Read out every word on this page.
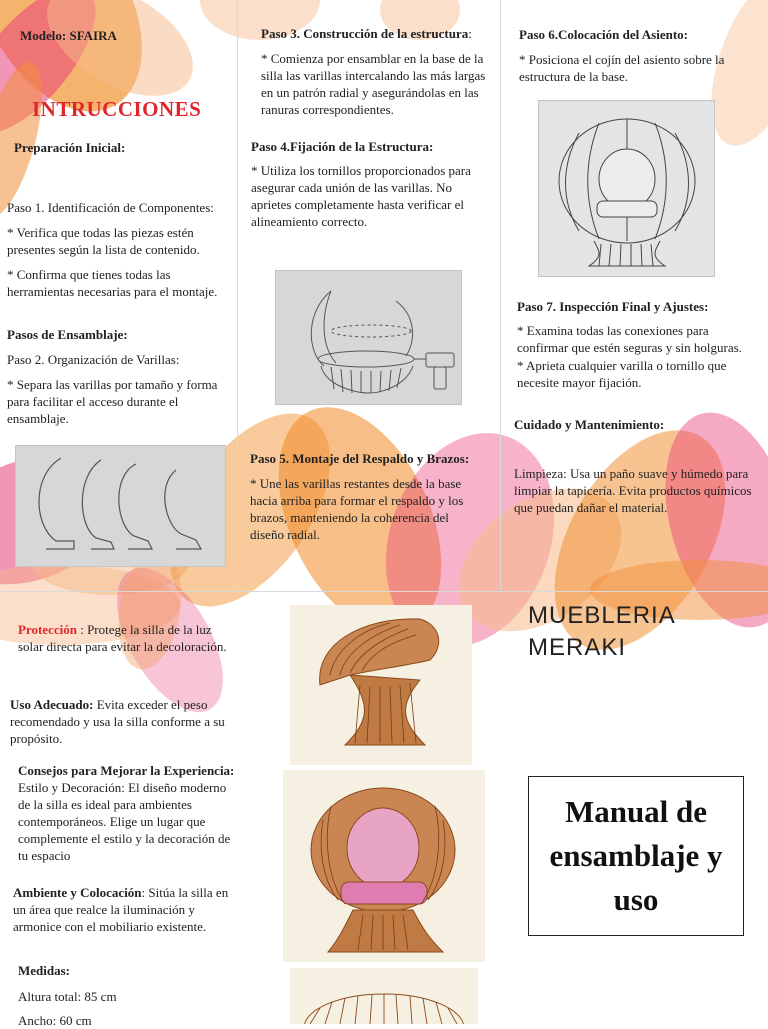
Modelo: SFAIRA
INTRUCCIONES
Preparación Inicial:
Paso 1. Identificación de Componentes:
* Verifica que todas las piezas estén presentes según la lista de contenido.
* Confirma que tienes todas las herramientas necesarias para el montaje.
Pasos de Ensamblaje:
Paso 2. Organización de Varillas:
* Separa las varillas por tamaño y forma para facilitar el acceso durante el ensamblaje.
Paso 3. Construcción de la estructura:
* Comienza por ensamblar en la base de la silla las varillas intercalando las más largas en un patrón radial y asegurándolas en las ranuras correspondientes.
Paso 4.Fijación de la Estructura:
* Utiliza los tornillos proporcionados para asegurar cada unión de las varillas. No aprietes completamente hasta verificar el alineamiento correcto.
Paso 5. Montaje del Respaldo y Brazos:
* Une las varillas restantes desde la base hacia arriba para formar el respaldo y los brazos, manteniendo la coherencia del diseño radial.
Paso 6.Colocación del Asiento:
* Posiciona el cojín del asiento sobre la estructura de la base.
Paso 7. Inspección Final y Ajustes:
* Examina todas las conexiones para confirmar que estén seguras y sin holguras.
* Aprieta cualquier varilla o tornillo que necesite mayor fijación.
Cuidado y Mantenimiento:
Limpieza: Usa un paño suave y húmedo para limpiar la tapicería. Evita productos químicos que puedan dañar el material.
Protección : Protege la silla de la luz solar directa para evitar la decoloración.
Uso Adecuado: Evita exceder el peso recomendado y usa la silla conforme a su propósito.
Consejos para Mejorar la Experiencia: Estilo y Decoración: El diseño moderno de la silla es ideal para ambientes contemporáneos. Elige un lugar que complemente el estilo y la decoración de tu espacio
Ambiente y Colocación: Sitúa la silla en un área que realce la iluminación y armonice con el mobiliario existente.
Medidas:
Altura total: 85 cm
Ancho: 60 cm
MUEBLERIA
MERAKI
Manual de ensamblaje y uso
